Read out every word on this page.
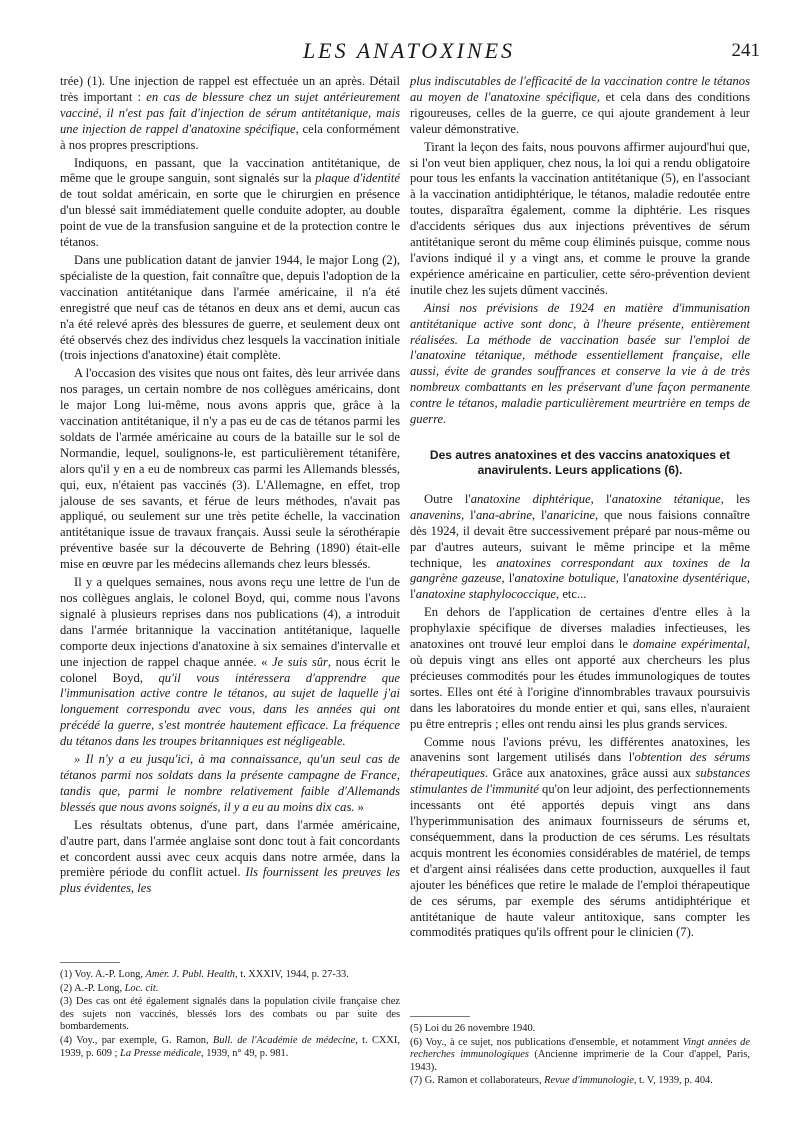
LES ANATOXINES	241

trée) (1). Une injection de rappel est effectuée un an après. Détail très important : en cas de blessure chez un sujet antérieurement vacciné, il n'est pas fait d'injection de sérum antitétanique, mais une injection de rappel d'anatoxine spécifique, cela conformément à nos propres prescriptions.

Indiquons, en passant, que la vaccination antitétanique, de même que le groupe sanguin, sont signalés sur la plaque d'identité de tout soldat américain, en sorte que le chirurgien en présence d'un blessé sait immédiatement quelle conduite adopter, au double point de vue de la transfusion sanguine et de la protection contre le tétanos.

Dans une publication datant de janvier 1944, le major Long (2), spécialiste de la question, fait connaître que, depuis l'adoption de la vaccination antitétanique dans l'armée américaine, il n'a été enregistré que neuf cas de tétanos en deux ans et demi, aucun cas n'a été relevé après des blessures de guerre, et seulement deux ont été observés chez des individus chez lesquels la vaccination initiale (trois injections d'anatoxine) était complète.

A l'occasion des visites que nous ont faites, dès leur arrivée dans nos parages, un certain nombre de nos collègues américains, dont le major Long lui-même, nous avons appris que, grâce à la vaccination antitétanique, il n'y a pas eu de cas de tétanos parmi les soldats de l'armée américaine au cours de la bataille sur le sol de Normandie, lequel, soulignons-le, est particulièrement tétanifère, alors qu'il y en a eu de nombreux cas parmi les Allemands blessés, qui, eux, n'étaient pas vaccinés (3). L'Allemagne, en effet, trop jalouse de ses savants, et férue de leurs méthodes, n'avait pas appliqué, ou seulement sur une très petite échelle, la vaccination antitétanique issue de travaux français. Aussi seule la sérothérapie préventive basée sur la découverte de Behring (1890) était-elle mise en œuvre par les médecins allemands chez leurs blessés.

Il y a quelques semaines, nous avons reçu une lettre de l'un de nos collègues anglais, le colonel Boyd, qui, comme nous l'avons signalé à plusieurs reprises dans nos publications (4), a introduit dans l'armée britannique la vaccination antitétanique, laquelle comporte deux injections d'anatoxine à six semaines d'intervalle et une injection de rappel chaque année. « Je suis sûr, nous écrit le colonel Boyd, qu'il vous intéressera d'apprendre que l'immunisation active contre le tétanos, au sujet de laquelle j'ai longuement correspondu avec vous, dans les années qui ont précédé la guerre, s'est montrée hautement efficace. La fréquence du tétanos dans les troupes britanniques est négligeable.

» Il n'y a eu jusqu'ici, à ma connaissance, qu'un seul cas de tétanos parmi nos soldats dans la présente campagne de France, tandis que, parmi le nombre relativement faible d'Allemands blessés que nous avons soignés, il y a eu au moins dix cas. »

Les résultats obtenus, d'une part, dans l'armée américaine, d'autre part, dans l'armée anglaise sont donc tout à fait concordants et concordent aussi avec ceux acquis dans notre armée, dans la première période du conflit actuel. Ils fournissent les preuves les plus évidentes, les

(1) Voy. A.-P. Long, Amer. J. Publ. Health, t. XXXIV, 1944, p. 27-33.

(2) A.-P. Long, Loc. cit.

(3) Des cas ont été également signalés dans la population civile française chez des sujets non vaccinés, blessés lors des combats ou par suite des bombardements.

(4) Voy., par exemple, G. Ramon, Bull. de l'Académie de médecine, t. CXXI, 1939, p. 609 ; La Presse médicale, 1939, n° 49, p. 981.

plus indiscutables de l'efficacité de la vaccination contre le tétanos au moyen de l'anatoxine spécifique, et cela dans des conditions rigoureuses, celles de la guerre, ce qui ajoute grandement à leur valeur démonstrative.

Tirant la leçon des faits, nous pouvons affirmer aujourd'hui que, si l'on veut bien appliquer, chez nous, la loi qui a rendu obligatoire pour tous les enfants la vaccination antitétanique (5), en l'associant à la vaccination antidiphtérique, le tétanos, maladie redoutée entre toutes, disparaîtra également, comme la diphtérie. Les risques d'accidents sériques dus aux injections préventives de sérum antitétanique seront du même coup éliminés puisque, comme nous l'avions indiqué il y a vingt ans, et comme le prouve la grande expérience américaine en particulier, cette séro-prévention devient inutile chez les sujets dûment vaccinés.

Ainsi nos prévisions de 1924 en matière d'immunisation antitétanique active sont donc, à l'heure présente, entièrement réalisées. La méthode de vaccination basée sur l'emploi de l'anatoxine tétanique, méthode essentiellement française, elle aussi, évite de grandes souffrances et conserve la vie à de très nombreux combattants en les préservant d'une façon permanente contre le tétanos, maladie particulièrement meurtrière en temps de guerre.

Des autres anatoxines et des vaccins anatoxiques et anavirulents. Leurs applications (6).

Outre l'anatoxine diphtérique, l'anatoxine tétanique, les anavenins, l'ana-abrine, l'anaricine, que nous faisions connaître dès 1924, il devait être successivement préparé par nous-même ou par d'autres auteurs, suivant le même principe et la même technique, les anatoxines correspondant aux toxines de la gangrène gazeuse, l'anatoxine botulique, l'anatoxine dysentérique, l'anatoxine staphylococcique, etc...

En dehors de l'application de certaines d'entre elles à la prophylaxie spécifique de diverses maladies infectieuses, les anatoxines ont trouvé leur emploi dans le domaine expérimental, où depuis vingt ans elles ont apporté aux chercheurs les plus précieuses commodités pour les études immunologiques de toutes sortes. Elles ont été à l'origine d'innombrables travaux poursuivis dans les laboratoires du monde entier et qui, sans elles, n'auraient pu être entrepris ; elles ont rendu ainsi les plus grands services.

Comme nous l'avions prévu, les différentes anatoxines, les anavenins sont largement utilisés dans l'obtention des sérums thérapeutiques. Grâce aux anatoxines, grâce aussi aux substances stimulantes de l'immunité qu'on leur adjoint, des perfectionnements incessants ont été apportés depuis vingt ans dans l'hyperimmunisation des animaux fournisseurs de sérums et, conséquemment, dans la production de ces sérums. Les résultats acquis montrent les économies considérables de matériel, de temps et d'argent ainsi réalisées dans cette production, auxquelles il faut ajouter les bénéfices que retire le malade de l'emploi thérapeutique de ces sérums, par exemple des sérums antidiphtérique et antitétanique de haute valeur antitoxique, sans compter les commodités pratiques qu'ils offrent pour le clinicien (7).

(5) Loi du 26 novembre 1940.

(6) Voy., à ce sujet, nos publications d'ensemble, et notamment Vingt années de recherches immunologiques (Ancienne imprimerie de la Cour d'appel, Paris, 1943).

(7) G. Ramon et collaborateurs, Revue d'immunologie, t. V, 1939, p. 404.
